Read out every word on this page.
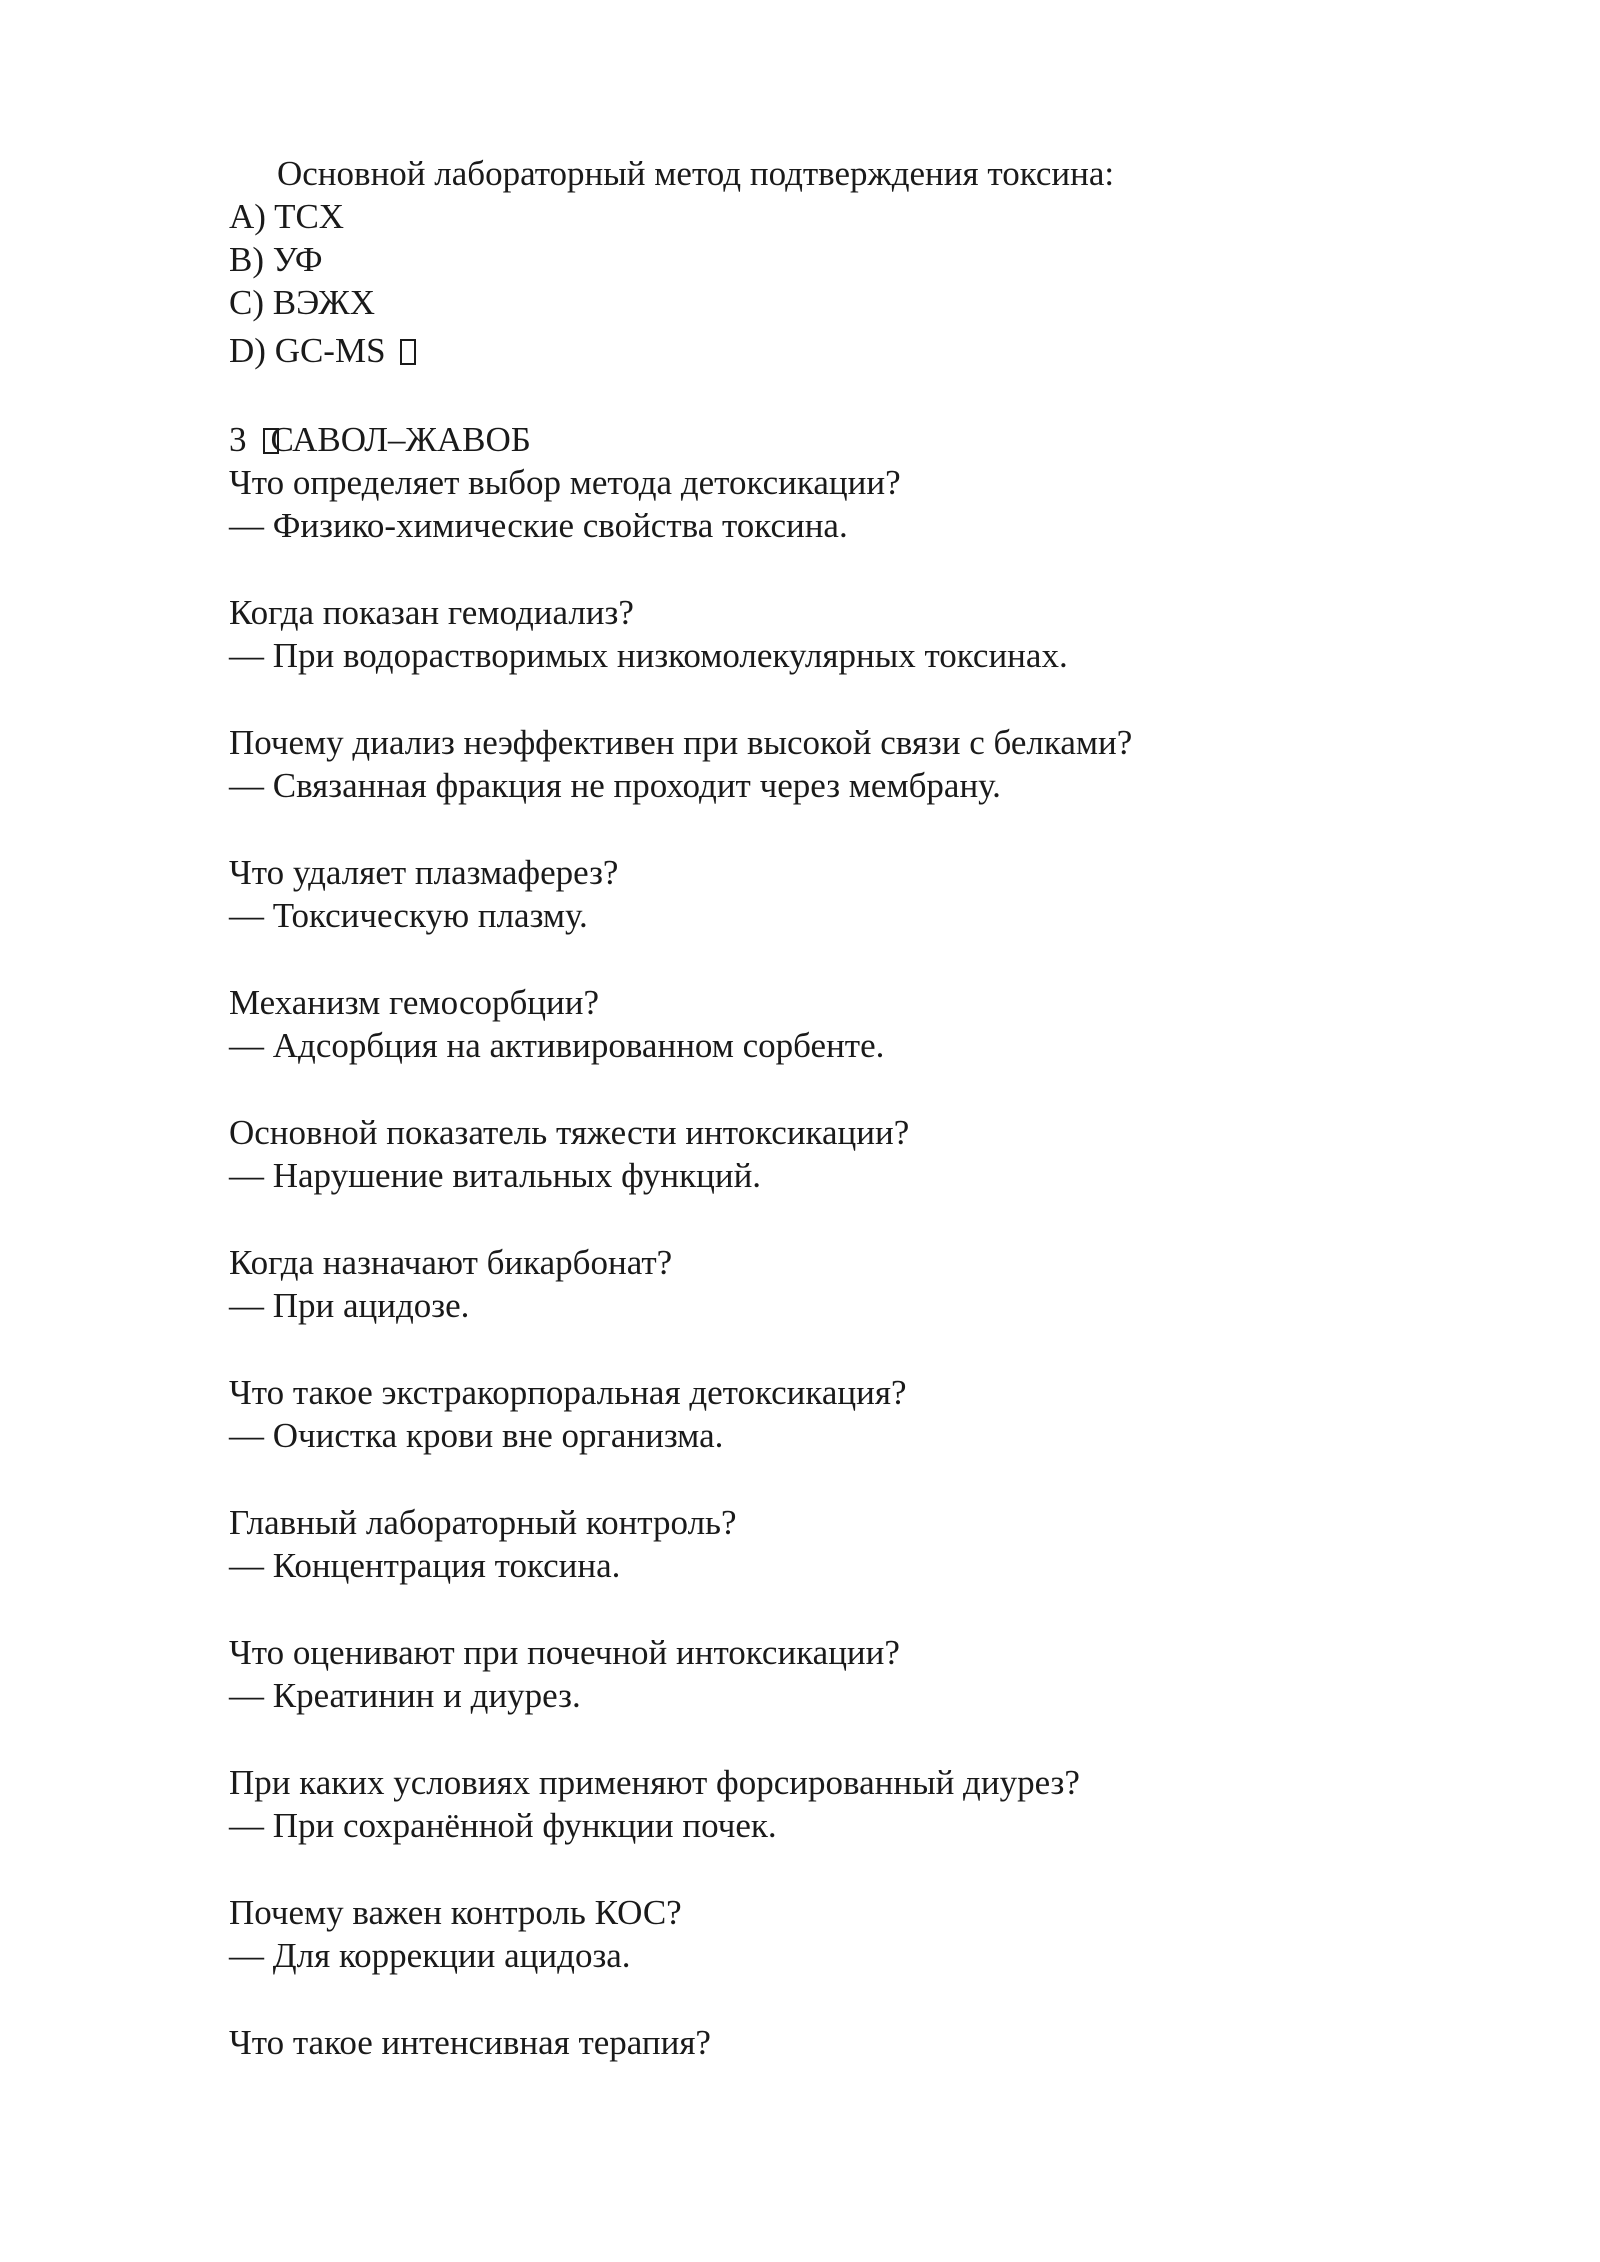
Основной лабораторный метод подтверждения токсина:
A) TCX
B) УФ
C) ВЭЖХ
D) GC-MS
3 САВОЛ–ЖАВОБ
Что определяет выбор метода детоксикации?
— Физико-химические свойства токсина.
Когда показан гемодиализ?
— При водорастворимых низкомолекулярных токсинах.
Почему диализ неэффективен при высокой связи с белками?
— Связанная фракция не проходит через мембрану.
Что удаляет плазмаферез?
— Токсическую плазму.
Механизм гемосорбции?
— Адсорбция на активированном сорбенте.
Основной показатель тяжести интоксикации?
— Нарушение витальных функций.
Когда назначают бикарбонат?
— При ацидозе.
Что такое экстракорпоральная детоксикация?
— Очистка крови вне организма.
Главный лабораторный контроль?
— Концентрация токсина.
Что оценивают при почечной интоксикации?
— Креатинин и диурез.
При каких условиях применяют форсированный диурез?
— При сохранённой функции почек.
Почему важен контроль КОС?
— Для коррекции ацидоза.
Что такое интенсивная терапия?
